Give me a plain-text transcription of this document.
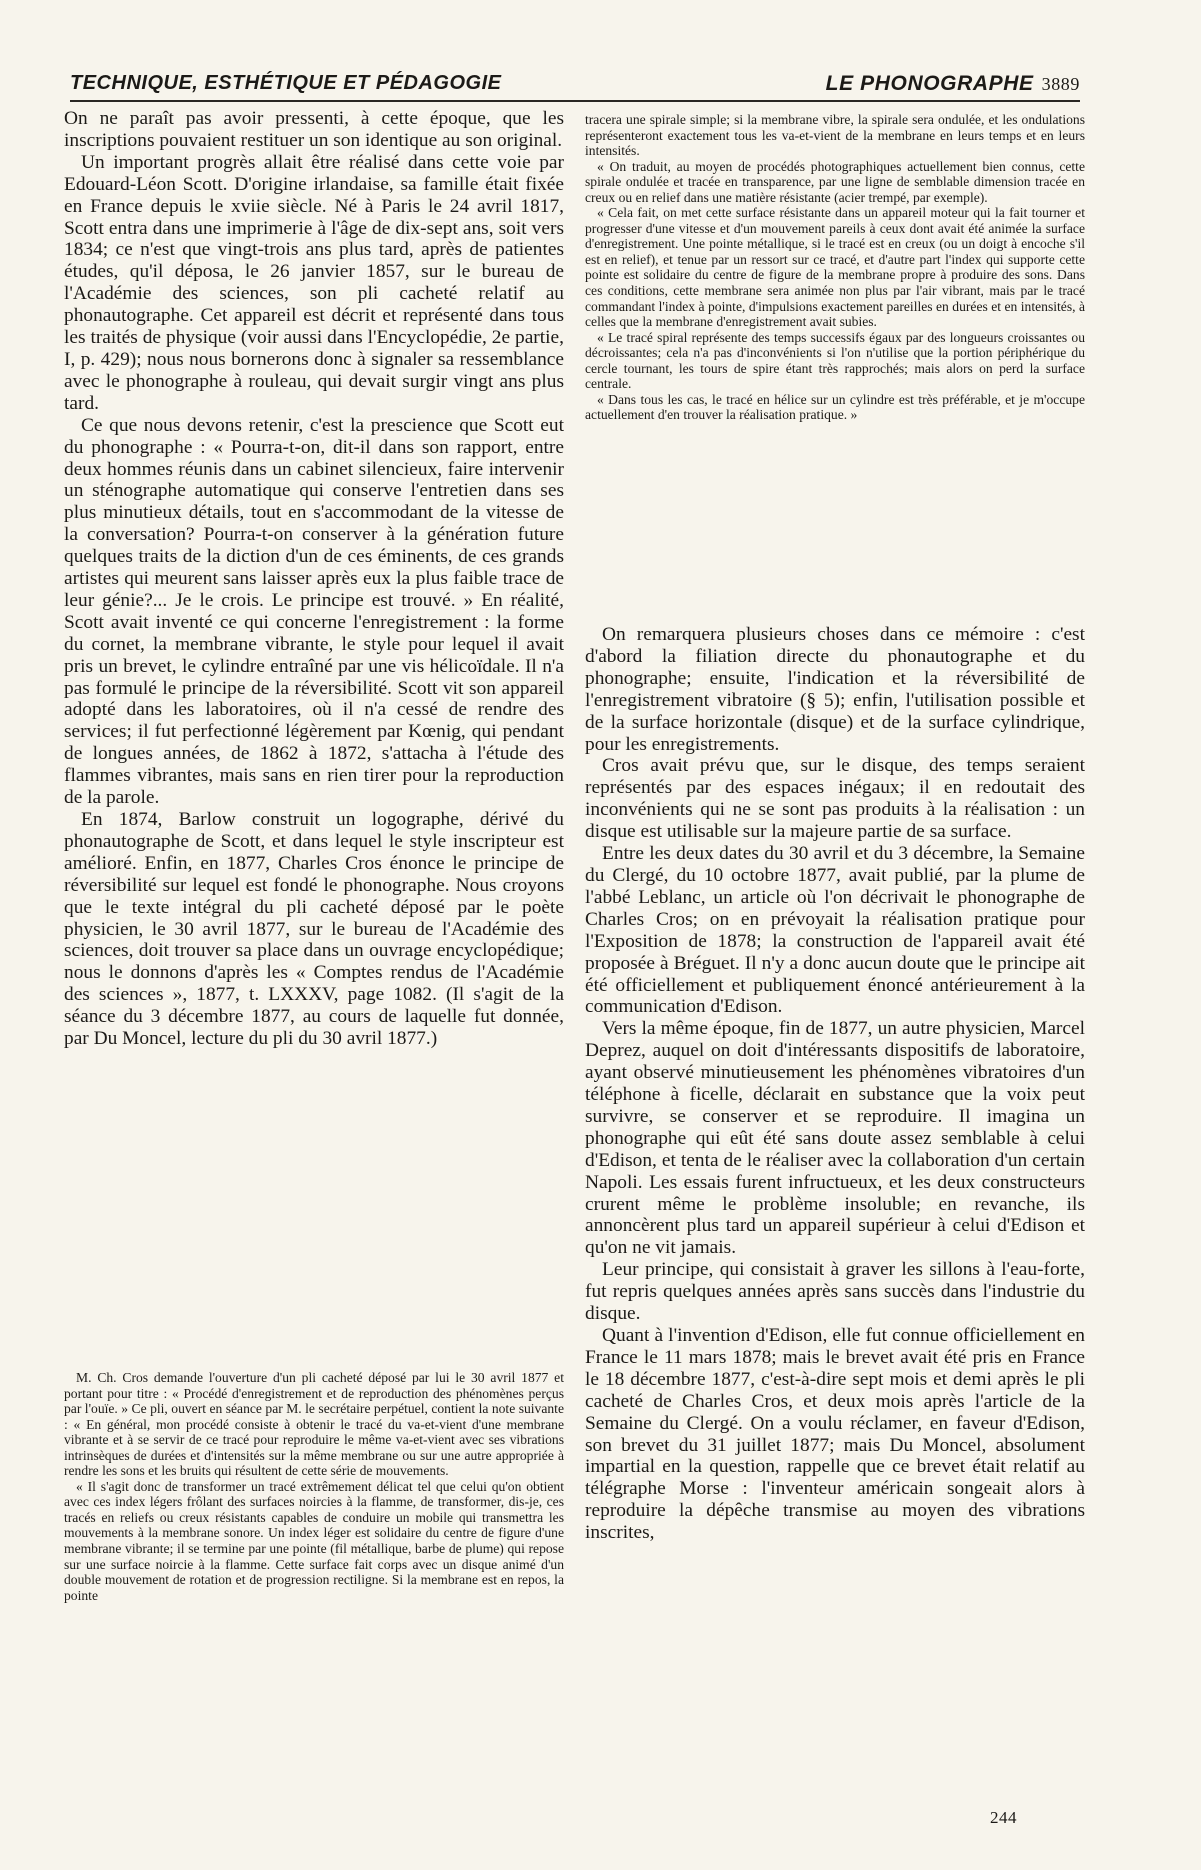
TECHNIQUE, ESTHÉTIQUE ET PÉDAGOGIE	LE PHONOGRAPHE 3889

On ne paraît pas avoir pressenti, à cette époque, que les inscriptions pouvaient restituer un son identique au son original.

Un important progrès allait être réalisé dans cette voie par Edouard-Léon Scott. D'origine irlandaise, sa famille était fixée en France depuis le xviie siècle. Né à Paris le 24 avril 1817, Scott entra dans une imprimerie à l'âge de dix-sept ans, soit vers 1834; ce n'est que vingt-trois ans plus tard, après de patientes études, qu'il déposa, le 26 janvier 1857, sur le bureau de l'Académie des sciences, son pli cacheté relatif au phonautographe. Cet appareil est décrit et représenté dans tous les traités de physique (voir aussi dans l'Encyclopédie, 2e partie, I, p. 429); nous nous bornerons donc à signaler sa ressemblance avec le phonographe à rouleau, qui devait surgir vingt ans plus tard.

Ce que nous devons retenir, c'est la prescience que Scott eut du phonographe : « Pourra-t-on, dit-il dans son rapport, entre deux hommes réunis dans un cabinet silencieux, faire intervenir un sténographe automatique qui conserve l'entretien dans ses plus minutieux détails, tout en s'accommodant de la vitesse de la conversation? Pourra-t-on conserver à la génération future quelques traits de la diction d'un de ces éminents, de ces grands artistes qui meurent sans laisser après eux la plus faible trace de leur génie?... Je le crois. Le principe est trouvé. » En réalité, Scott avait inventé ce qui concerne l'enregistrement : la forme du cornet, la membrane vibrante, le style pour lequel il avait pris un brevet, le cylindre entraîné par une vis hélicoïdale. Il n'a pas formulé le principe de la réversibilité. Scott vit son appareil adopté dans les laboratoires, où il n'a cessé de rendre des services; il fut perfectionné légèrement par Kœnig, qui pendant de longues années, de 1862 à 1872, s'attacha à l'étude des flammes vibrantes, mais sans en rien tirer pour la reproduction de la parole.

En 1874, Barlow construit un logographe, dérivé du phonautographe de Scott, et dans lequel le style inscripteur est amélioré. Enfin, en 1877, Charles Cros énonce le principe de réversibilité sur lequel est fondé le phonographe. Nous croyons que le texte intégral du pli cacheté déposé par le poète physicien, le 30 avril 1877, sur le bureau de l'Académie des sciences, doit trouver sa place dans un ouvrage encyclopédique; nous le donnons d'après les « Comptes rendus de l'Académie des sciences », 1877, t. LXXXV, page 1082. (Il s'agit de la séance du 3 décembre 1877, au cours de laquelle fut donnée, par Du Moncel, lecture du pli du 30 avril 1877.)

M. Ch. Cros demande l'ouverture d'un pli cacheté déposé par lui le 30 avril 1877 et portant pour titre : « Procédé d'enregistrement et de reproduction des phénomènes perçus par l'ouïe. » Ce pli, ouvert en séance par M. le secrétaire perpétuel, contient la note suivante : « En général, mon procédé consiste à obtenir le tracé du va-et-vient d'une membrane vibrante et à se servir de ce tracé pour reproduire le même va-et-vient avec ses vibrations intrinsèques de durées et d'intensités sur la même membrane ou sur une autre appropriée à rendre les sons et les bruits qui résultent de cette série de mouvements.

« Il s'agit donc de transformer un tracé extrêmement délicat tel que celui qu'on obtient avec ces index légers frôlant des surfaces noircies à la flamme, de transformer, dis-je, ces tracés en reliefs ou creux résistants capables de conduire un mobile qui transmettra les mouvements à la membrane sonore. Un index léger est solidaire du centre de figure d'une membrane vibrante; il se termine par une pointe (fil métallique, barbe de plume) qui repose sur une surface noircie à la flamme. Cette surface fait corps avec un disque animé d'un double mouvement de rotation et de progression rectiligne. Si la membrane est en repos, la pointe

tracera une spirale simple; si la membrane vibre, la spirale sera ondulée, et les ondulations représenteront exactement tous les va-et-vient de la membrane en leurs temps et en leurs intensités.

« On traduit, au moyen de procédés photographiques actuellement bien connus, cette spirale ondulée et tracée en transparence, par une ligne de semblable dimension tracée en creux ou en relief dans une matière résistante (acier trempé, par exemple).

« Cela fait, on met cette surface résistante dans un appareil moteur qui la fait tourner et progresser d'une vitesse et d'un mouvement pareils à ceux dont avait été animée la surface d'enregistrement. Une pointe métallique, si le tracé est en creux (ou un doigt à encoche s'il est en relief), et tenue par un ressort sur ce tracé, et d'autre part l'index qui supporte cette pointe est solidaire du centre de figure de la membrane propre à produire des sons. Dans ces conditions, cette membrane sera animée non plus par l'air vibrant, mais par le tracé commandant l'index à pointe, d'impulsions exactement pareilles en durées et en intensités, à celles que la membrane d'enregistrement avait subies.

« Le tracé spiral représente des temps successifs égaux par des longueurs croissantes ou décroissantes; cela n'a pas d'inconvénients si l'on n'utilise que la portion périphérique du cercle tournant, les tours de spire étant très rapprochés; mais alors on perd la surface centrale.

« Dans tous les cas, le tracé en hélice sur un cylindre est très préférable, et je m'occupe actuellement d'en trouver la réalisation pratique. »

On remarquera plusieurs choses dans ce mémoire : c'est d'abord la filiation directe du phonautographe et du phonographe; ensuite, l'indication et la réversibilité de l'enregistrement vibratoire (§ 5); enfin, l'utilisation possible et de la surface horizontale (disque) et de la surface cylindrique, pour les enregistrements.

Cros avait prévu que, sur le disque, des temps seraient représentés par des espaces inégaux; il en redoutait des inconvénients qui ne se sont pas produits à la réalisation : un disque est utilisable sur la majeure partie de sa surface.

Entre les deux dates du 30 avril et du 3 décembre, la Semaine du Clergé, du 10 octobre 1877, avait publié, par la plume de l'abbé Leblanc, un article où l'on décrivait le phonographe de Charles Cros; on en prévoyait la réalisation pratique pour l'Exposition de 1878; la construction de l'appareil avait été proposée à Bréguet. Il n'y a donc aucun doute que le principe ait été officiellement et publiquement énoncé antérieurement à la communication d'Edison.

Vers la même époque, fin de 1877, un autre physicien, Marcel Deprez, auquel on doit d'intéressants dispositifs de laboratoire, ayant observé minutieusement les phénomènes vibratoires d'un téléphone à ficelle, déclarait en substance que la voix peut survivre, se conserver et se reproduire. Il imagina un phonographe qui eût été sans doute assez semblable à celui d'Edison, et tenta de le réaliser avec la collaboration d'un certain Napoli. Les essais furent infructueux, et les deux constructeurs crurent même le problème insoluble; en revanche, ils annoncèrent plus tard un appareil supérieur à celui d'Edison et qu'on ne vit jamais.

Leur principe, qui consistait à graver les sillons à l'eau-forte, fut repris quelques années après sans succès dans l'industrie du disque.

Quant à l'invention d'Edison, elle fut connue officiellement en France le 11 mars 1878; mais le brevet avait été pris en France le 18 décembre 1877, c'est-à-dire sept mois et demi après le pli cacheté de Charles Cros, et deux mois après l'article de la Semaine du Clergé. On a voulu réclamer, en faveur d'Edison, son brevet du 31 juillet 1877; mais Du Moncel, absolument impartial en la question, rappelle que ce brevet était relatif au télégraphe Morse : l'inventeur américain songeait alors à reproduire la dépêche transmise au moyen des vibrations inscrites,

244
